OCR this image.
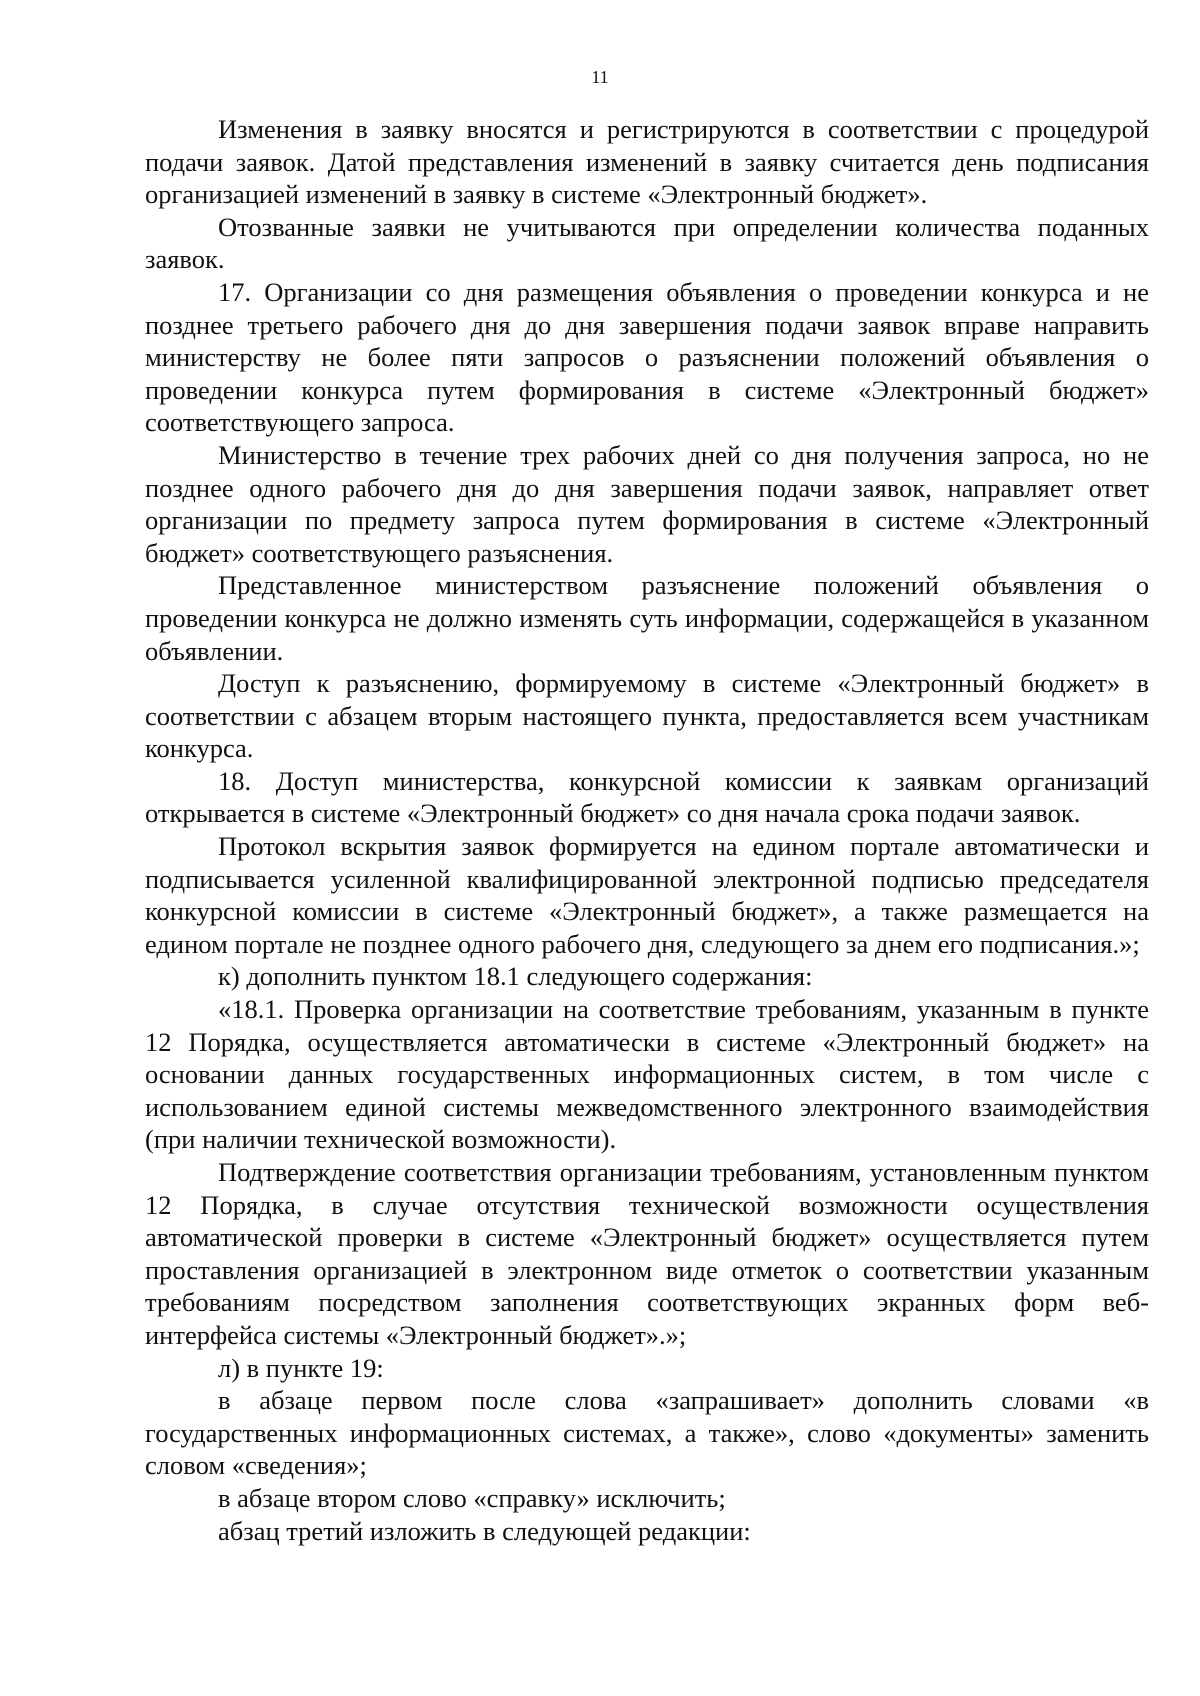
11

Изменения в заявку вносятся и регистрируются в соответствии с процедурой подачи заявок. Датой представления изменений в заявку считается день подписания организацией изменений в заявку в системе «Электронный бюджет».

Отозванные заявки не учитываются при определении количества поданных заявок.

17. Организации со дня размещения объявления о проведении конкурса и не позднее третьего рабочего дня до дня завершения подачи заявок вправе направить министерству не более пяти запросов о разъяснении положений объявления о проведении конкурса путем формирования в системе «Электронный бюджет» соответствующего запроса.

Министерство в течение трех рабочих дней со дня получения запроса, но не позднее одного рабочего дня до дня завершения подачи заявок, направляет ответ организации по предмету запроса путем формирования в системе «Электронный бюджет» соответствующего разъяснения.

Представленное министерством разъяснение положений объявления о проведении конкурса не должно изменять суть информации, содержащейся в указанном объявлении.

Доступ к разъяснению, формируемому в системе «Электронный бюджет» в соответствии с абзацем вторым настоящего пункта, предоставляется всем участникам конкурса.

18. Доступ министерства, конкурсной комиссии к заявкам организаций открывается в системе «Электронный бюджет» со дня начала срока подачи заявок.

Протокол вскрытия заявок формируется на едином портале автоматически и подписывается усиленной квалифицированной электронной подписью председателя конкурсной комиссии в системе «Электронный бюджет», а также размещается на едином портале не позднее одного рабочего дня, следующего за днем его подписания.»;

к) дополнить пунктом 18.1 следующего содержания:

«18.1. Проверка организации на соответствие требованиям, указанным в пункте 12 Порядка, осуществляется автоматически в системе «Электронный бюджет» на основании данных государственных информационных систем, в том числе с использованием единой системы межведомственного электронного взаимодействия (при наличии технической возможности).

Подтверждение соответствия организации требованиям, установленным пунктом 12 Порядка, в случае отсутствия технической возможности осуществления автоматической проверки в системе «Электронный бюджет» осуществляется путем проставления организацией в электронном виде отметок о соответствии указанным требованиям посредством заполнения соответствующих экранных форм веб-интерфейса системы «Электронный бюджет».»;

л) в пункте 19:

в абзаце первом после слова «запрашивает» дополнить словами «в государственных информационных системах, а также», слово «документы» заменить словом «сведения»;

в абзаце втором слово «справку» исключить;

абзац третий изложить в следующей редакции:
